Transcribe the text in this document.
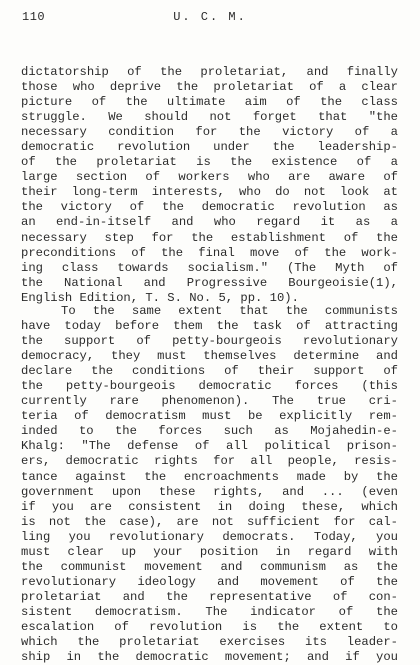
110	U. C. M.
dictatorship of the proletariat, and finally
those who deprive the proletariat of a clear
picture of the ultimate aim of the class
struggle. We should not forget that "the
necessary condition for the victory of a
democratic revolution under the leadership-
of the proletariat is the existence of a
large section of workers who are aware of
their long-term interests, who do not look at
the victory of the democratic revolution as
an end-in-itself and who regard it as a
necessary step for the establishment of the
preconditions of the final move of the work-
ing class towards socialism." (The Myth of
the National and Progressive Bourgeoisie(1),
English Edition, T. S. No. 5, pp. 10).
To the same extent that the communists
have today before them the task of attracting
the support of petty-bourgeois revolutionary
democracy, they must themselves determine and
declare the conditions of their support of
the petty-bourgeois democratic forces (this
currently rare phenomenon). The true cri-
teria of democratism must be explicitly rem-
inded to the forces such as Mojahedin-e-
Khalg: "The defense of all political prison-
ers, democratic rights for all people, resis-
tance against the encroachments made by the
government upon these rights, and ... (even
if you are consistent in doing these, which
is not the case), are not sufficient for cal-
ling you revolutionary democrats. Today, you
must clear up your position in regard with
the communist movement and communism as the
revolutionary ideology and movement of the
proletariat and the representative of con-
sistent democratism. The indicator of the
escalation of revolution is the extent to
which the proletariat exercises its leader-
ship in the democratic movement; and if you
